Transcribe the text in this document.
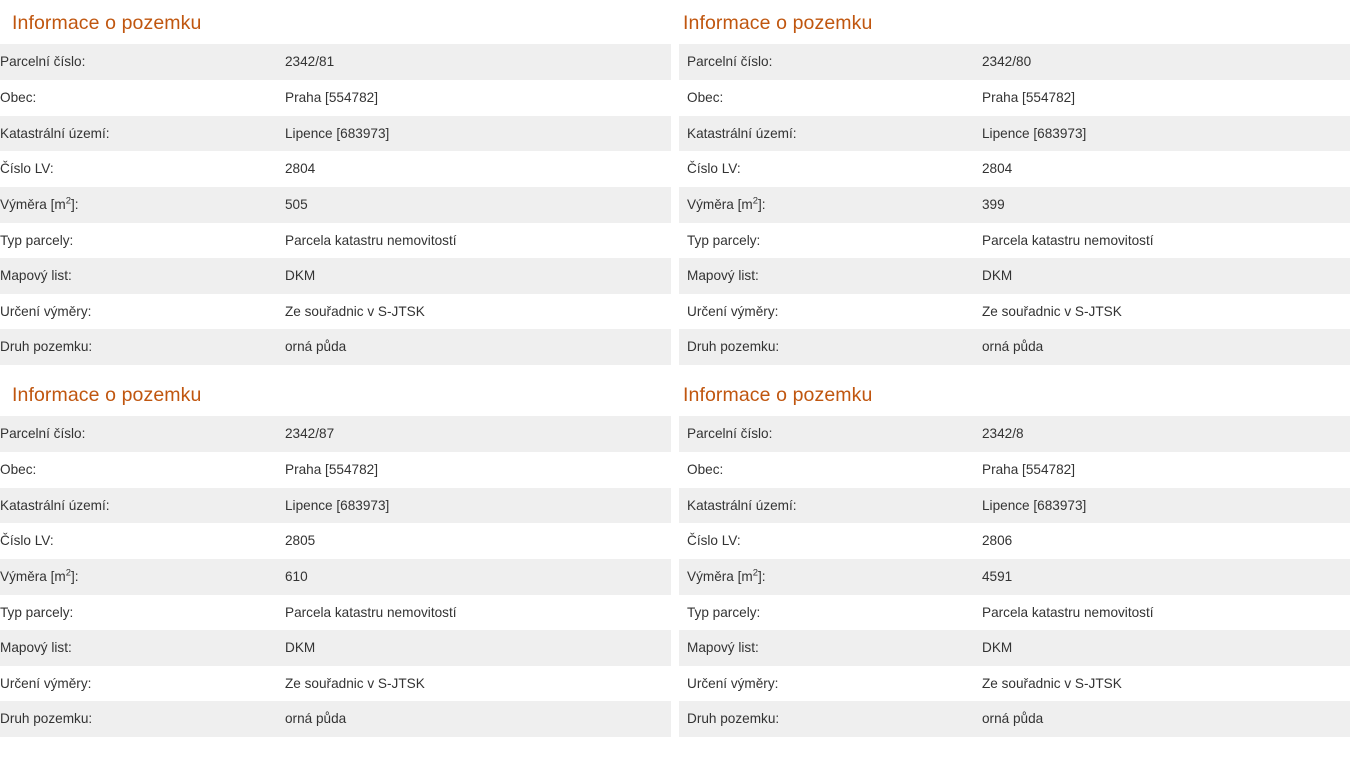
Informace o pozemku
Parcelní číslo:	2342/81
Obec:	Praha [554782]
Katastrální území:	Lipence [683973]
Číslo LV:	2804
Výměra $[m^2]$:	505
Typ parcely:	Parcela katastru nemovitostí
Mapový list:	DKM
Určení výměry:	Ze souřadnic v S-JTSK
Druh pozemku:	orná půda
Informace o pozemku
Parcelní číslo:	2342/80
Obec:	Praha [554782]
Katastrální území:	Lipence [683973]
Číslo LV:	2804
Výměra $[m^2]$:	399
Typ parcely:	Parcela katastru nemovitostí
Mapový list:	DKM
Určení výměry:	Ze souřadnic v S-JTSK
Druh pozemku:	orná půda
Informace o pozemku
Parcelní číslo:	2342/87
Obec:	Praha [554782]
Katastrální území:	Lipence [683973]
Číslo LV:	2805
Výměra $[m^2]$:	610
Typ parcely:	Parcela katastru nemovitostí
Mapový list:	DKM
Určení výměry:	Ze souřadnic v S-JTSK
Druh pozemku:	orná půda
Informace o pozemku
Parcelní číslo:	2342/8
Obec:	Praha [554782]
Katastrální území:	Lipence [683973]
Číslo LV:	2806
Výměra $[m^2]$:	4591
Typ parcely:	Parcela katastru nemovitostí
Mapový list:	DKM
Určení výměry:	Ze souřadnic v S-JTSK
Druh pozemku:	orná půda
